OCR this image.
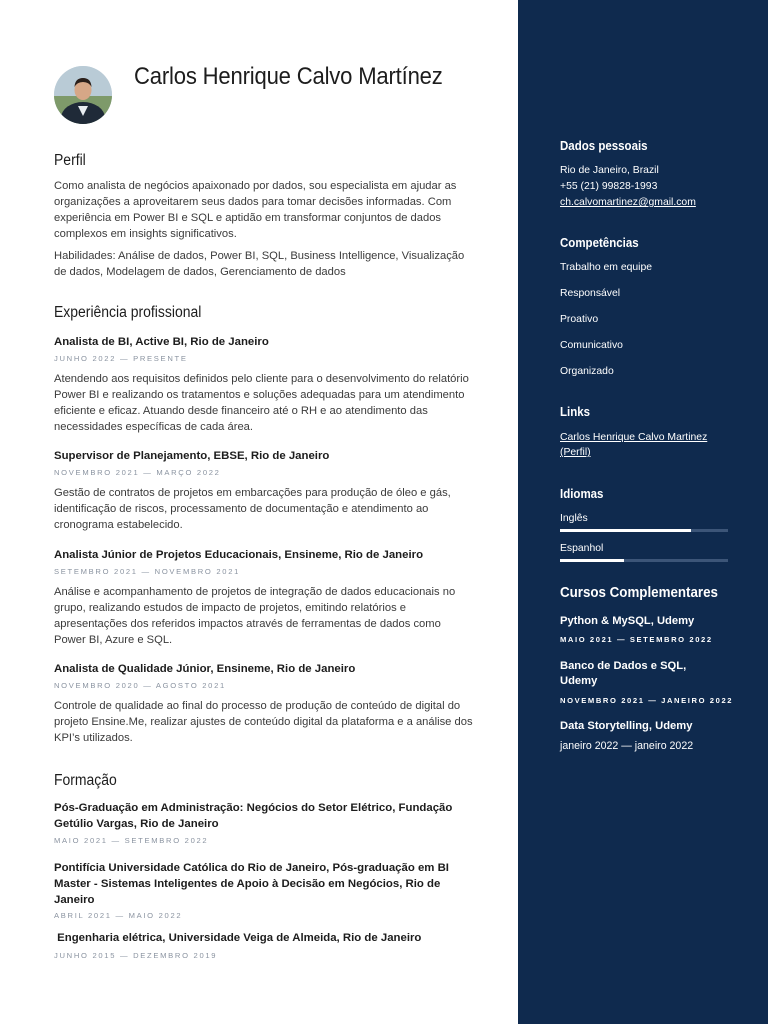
Carlos Henrique Calvo Martínez
Perfil
Como analista de negócios apaixonado por dados, sou especialista em ajudar as organizações a aproveitarem seus dados para tomar decisões informadas. Com experiência em Power BI e SQL e aptidão em transformar conjuntos de dados complexos em insights significativos.
Habilidades: Análise de dados, Power BI, SQL, Business Intelligence, Visualização de dados, Modelagem de dados, Gerenciamento de dados
Experiência profissional
Analista de BI, Active BI, Rio de Janeiro
JUNHO 2022 — PRESENTE
Atendendo aos requisitos definidos pelo cliente para o desenvolvimento do relatório Power BI e realizando os tratamentos e soluções adequadas para um atendimento eficiente e eficaz. Atuando desde financeiro até o RH e ao atendimento das necessidades específicas de cada área.
Supervisor de Planejamento, EBSE, Rio de Janeiro
NOVEMBRO 2021 — MARÇO 2022
Gestão de contratos de projetos em embarcações para produção de óleo e gás, identificação de riscos, processamento de documentação e atendimento ao cronograma estabelecido.
Analista Júnior de Projetos Educacionais, Ensineme, Rio de Janeiro
SETEMBRO 2021 — NOVEMBRO 2021
Análise e acompanhamento de projetos de integração de dados educacionais no grupo, realizando estudos de impacto de projetos, emitindo relatórios e apresentações dos referidos impactos através de ferramentas de dados como Power BI, Azure e SQL.
Analista de Qualidade Júnior, Ensineme, Rio de Janeiro
NOVEMBRO 2020 — AGOSTO 2021
Controle de qualidade ao final do processo de produção de conteúdo de digital do projeto Ensine.Me, realizar ajustes de conteúdo digital da plataforma e a análise dos KPI’s utilizados.
Formação
Pós-Graduação em Administração: Negócios do Setor Elétrico, Fundação Getúlio Vargas, Rio de Janeiro
MAIO 2021 — SETEMBRO 2022
Pontifícia Universidade Católica do Rio de Janeiro, Pós-graduação em BI Master - Sistemas Inteligentes de Apoio à Decisão em Negócios, Rio de Janeiro
ABRIL 2021 — MAIO 2022
Engenharia elétrica, Universidade Veiga de Almeida, Rio de Janeiro
JUNHO 2015 — DEZEMBRO 2019
Dados pessoais
Rio de Janeiro, Brazil
+55 (21) 99828-1993
ch.calvomartinez@gmail.com
Competências
Trabalho em equipe
Responsável
Proativo
Comunicativo
Organizado
Links
Carlos Henrique Calvo Martinez (Perfil)
Idiomas
Inglês
Espanhol
Cursos Complementares
Python & MySQL, Udemy
MAIO 2021 — SETEMBRO 2022
Banco de Dados e SQL, Udemy
NOVEMBRO 2021 — JANEIRO 2022
Data Storytelling, Udemy
janeiro 2022 — janeiro 2022
